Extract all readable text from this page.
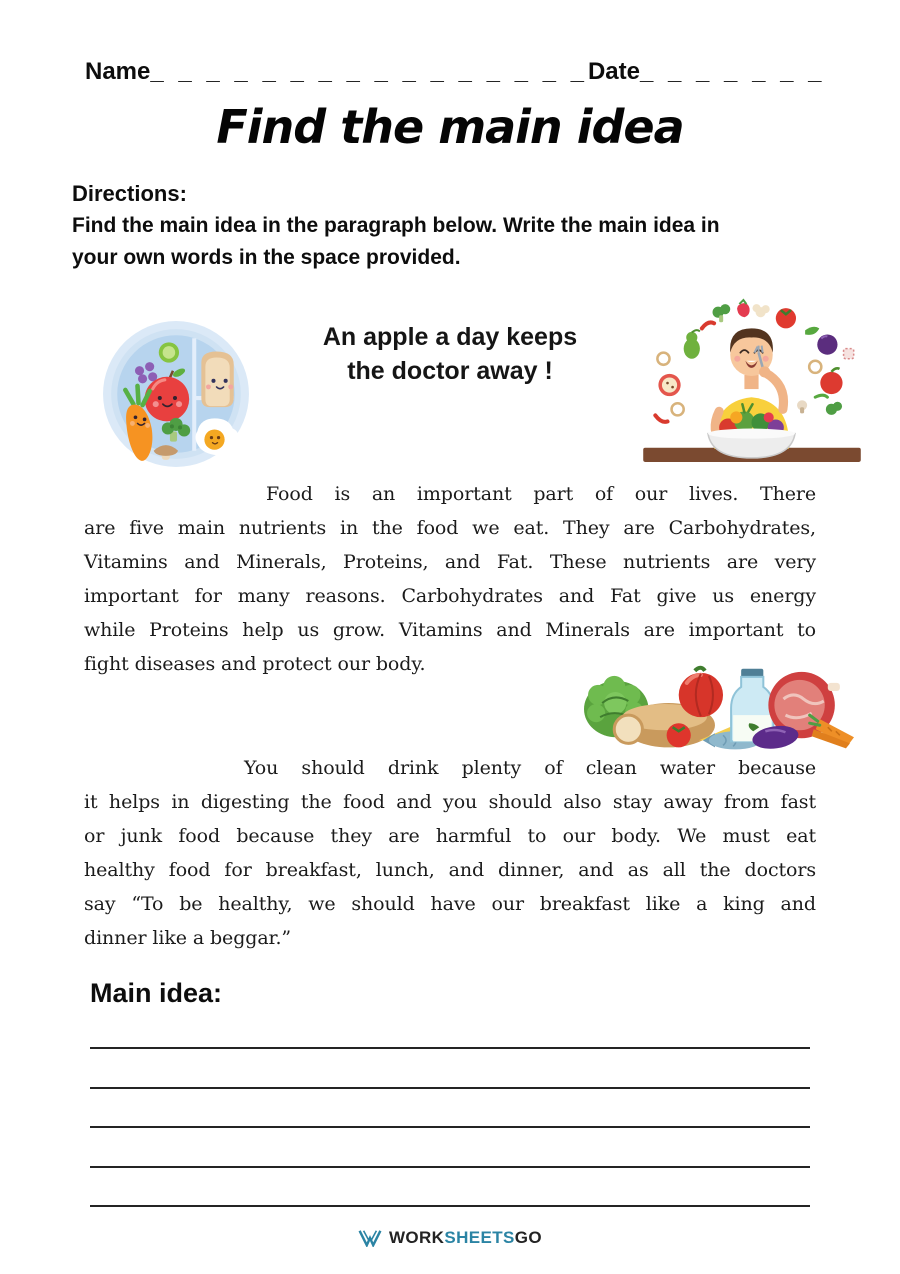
Name _ _ _ _ _ _ _ _ _ _ _ _ _ _ _ _ Date _ _ _ _ _ _ _
Find the main idea
Directions:
Find the main idea in the paragraph below. Write the main idea in
your own words in the space provided.
An apple a day keeps
the doctor away !
Food is an important part of our lives. There
are five main nutrients in the food we eat. They are Carbohydrates,
Vitamins and Minerals, Proteins, and Fat. These nutrients are very
important for many reasons. Carbohydrates and Fat give us energy
while Proteins help us grow. Vitamins and Minerals are important to
fight diseases and protect our body.
You should drink plenty of clean water because
it helps in digesting the food and you should also stay away from fast
or junk food because they are harmful to our body. We must eat
healthy food for breakfast, lunch, and dinner, and as all the doctors
say “To be healthy, we should have our breakfast like a king and
dinner like a beggar.”
Main idea:
WORK SHEETS GO
